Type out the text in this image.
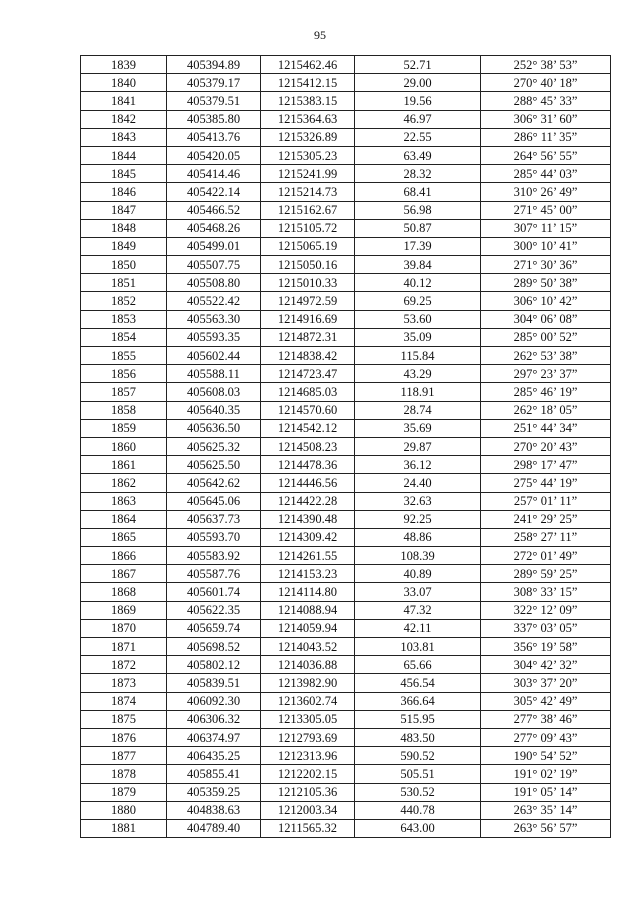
95
1839	405394.89	1215462.46	52.71	252° 38’ 53”
1840	405379.17	1215412.15	29.00	270° 40’ 18”
1841	405379.51	1215383.15	19.56	288° 45’ 33”
1842	405385.80	1215364.63	46.97	306° 31’ 60”
1843	405413.76	1215326.89	22.55	286° 11’ 35”
1844	405420.05	1215305.23	63.49	264° 56’ 55”
1845	405414.46	1215241.99	28.32	285° 44’ 03”
1846	405422.14	1215214.73	68.41	310° 26’ 49”
1847	405466.52	1215162.67	56.98	271° 45’ 00”
1848	405468.26	1215105.72	50.87	307° 11’ 15”
1849	405499.01	1215065.19	17.39	300° 10’ 41”
1850	405507.75	1215050.16	39.84	271° 30’ 36”
1851	405508.80	1215010.33	40.12	289° 50’ 38”
1852	405522.42	1214972.59	69.25	306° 10’ 42”
1853	405563.30	1214916.69	53.60	304° 06’ 08”
1854	405593.35	1214872.31	35.09	285° 00’ 52”
1855	405602.44	1214838.42	115.84	262° 53’ 38”
1856	405588.11	1214723.47	43.29	297° 23’ 37”
1857	405608.03	1214685.03	118.91	285° 46’ 19”
1858	405640.35	1214570.60	28.74	262° 18’ 05”
1859	405636.50	1214542.12	35.69	251° 44’ 34”
1860	405625.32	1214508.23	29.87	270° 20’ 43”
1861	405625.50	1214478.36	36.12	298° 17’ 47”
1862	405642.62	1214446.56	24.40	275° 44’ 19”
1863	405645.06	1214422.28	32.63	257° 01’ 11”
1864	405637.73	1214390.48	92.25	241° 29’ 25”
1865	405593.70	1214309.42	48.86	258° 27’ 11”
1866	405583.92	1214261.55	108.39	272° 01’ 49”
1867	405587.76	1214153.23	40.89	289° 59’ 25”
1868	405601.74	1214114.80	33.07	308° 33’ 15”
1869	405622.35	1214088.94	47.32	322° 12’ 09”
1870	405659.74	1214059.94	42.11	337° 03’ 05”
1871	405698.52	1214043.52	103.81	356° 19’ 58”
1872	405802.12	1214036.88	65.66	304° 42’ 32”
1873	405839.51	1213982.90	456.54	303° 37’ 20”
1874	406092.30	1213602.74	366.64	305° 42’ 49”
1875	406306.32	1213305.05	515.95	277° 38’ 46”
1876	406374.97	1212793.69	483.50	277° 09’ 43”
1877	406435.25	1212313.96	590.52	190° 54’ 52”
1878	405855.41	1212202.15	505.51	191° 02’ 19”
1879	405359.25	1212105.36	530.52	191° 05’ 14”
1880	404838.63	1212003.34	440.78	263° 35’ 14”
1881	404789.40	1211565.32	643.00	263° 56’ 57”
